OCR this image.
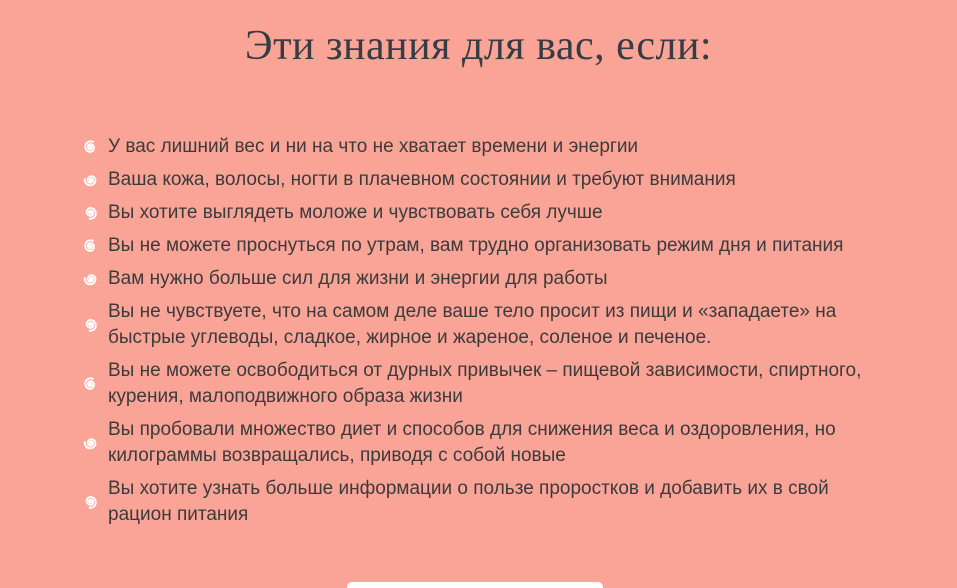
Эти знания для вас, если:
У вас лишний вес и ни на что не хватает времени и энергии
Ваша кожа, волосы, ногти в плачевном состоянии и требуют внимания
Вы хотите выглядеть моложе и чувствовать себя лучше
Вы не можете проснуться по утрам, вам трудно организовать режим дня и питания
Вам нужно больше сил для жизни и энергии для работы
Вы не чувствуете, что на самом деле ваше тело просит из пищи и «западаете» на быстрые углеводы, сладкое, жирное и жареное, соленое и печеное.
Вы не можете освободиться от дурных привычек – пищевой зависимости, спиртного, курения, малоподвижного образа жизни
Вы пробовали множество диет и способов для снижения веса и оздоровления, но килограммы возвращались, приводя с собой новые
Вы хотите узнать больше информации о пользе проростков и добавить их в свой рацион питания
